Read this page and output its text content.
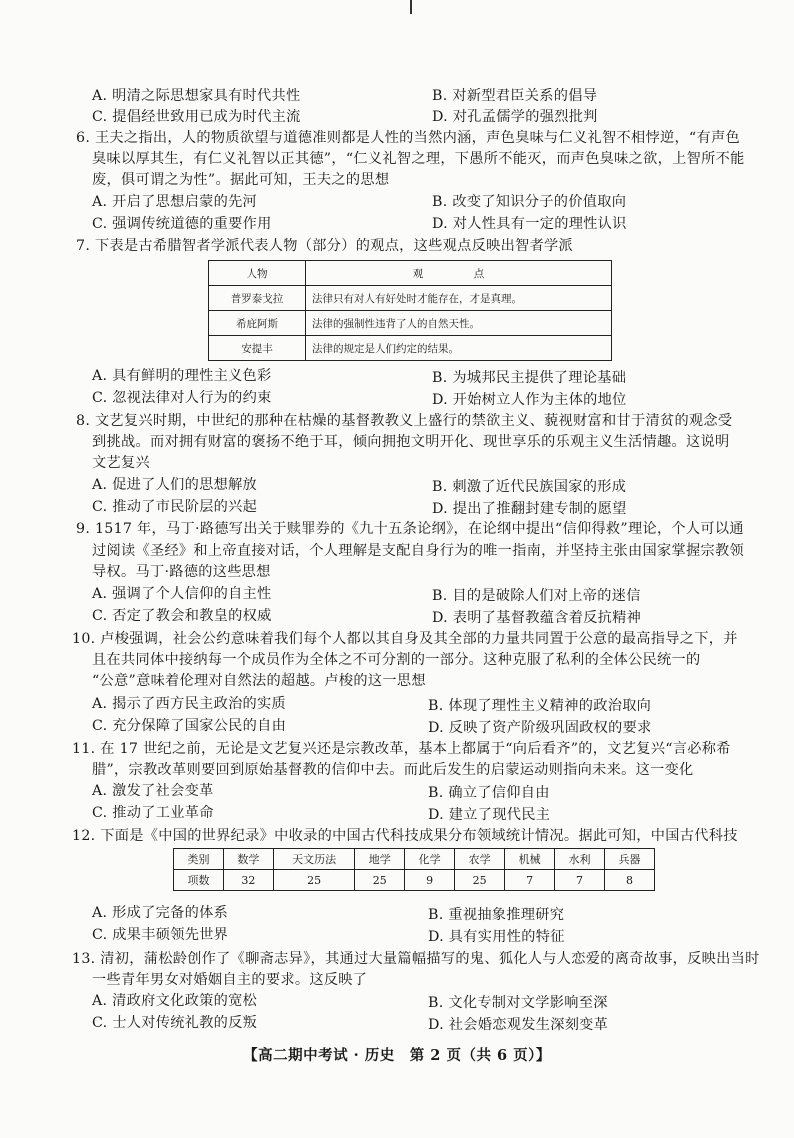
A. 明清之际思想家具有时代共性	B. 对新型君臣关系的倡导
C. 提倡经世致用已成为时代主流	D. 对孔孟儒学的强烈批判
6. 王夫之指出，人的物质欲望与道德准则都是人性的当然内涵，声色臭味与仁义礼智不相悖逆，“有声色
臭味以厚其生，有仁义礼智以正其德”，“仁义礼智之理，下愚所不能灭，而声色臭味之欲，上智所不能
废，俱可谓之为性”。据此可知，王夫之的思想
A. 开启了思想启蒙的先河	B. 改变了知识分子的价值取向
C. 强调传统道德的重要作用	D. 对人性具有一定的理性认识
7. 下表是古希腊智者学派代表人物（部分）的观点，这些观点反映出智者学派
人物	观　点
普罗泰戈拉	法律只有对人有好处时才能存在，才是真理。
希庇阿斯	法律的强制性违背了人的自然天性。
安提丰	法律的规定是人们约定的结果。
A. 具有鲜明的理性主义色彩	B. 为城邦民主提供了理论基础
C. 忽视法律对人行为的约束	D. 开始树立人作为主体的地位
8. 文艺复兴时期，中世纪的那种在枯燥的基督教教义上盛行的禁欲主义、藐视财富和甘于清贫的观念受
到挑战。而对拥有财富的褒扬不绝于耳，倾向拥抱文明开化、现世享乐的乐观主义生活情趣。这说明
文艺复兴
A. 促进了人们的思想解放	B. 刺激了近代民族国家的形成
C. 推动了市民阶层的兴起	D. 提出了推翻封建专制的愿望
9. 1517 年，马丁·路德写出关于赎罪券的《九十五条论纲》，在论纲中提出“信仰得救”理论，个人可以通
过阅读《圣经》和上帝直接对话，个人理解是支配自身行为的唯一指南，并坚持主张由国家掌握宗教领
导权。马丁·路德的这些思想
A. 强调了个人信仰的自主性	B. 目的是破除人们对上帝的迷信
C. 否定了教会和教皇的权威	D. 表明了基督教蕴含着反抗精神
10. 卢梭强调，社会公约意味着我们每个人都以其自身及其全部的力量共同置于公意的最高指导之下，并
且在共同体中接纳每一个成员作为全体之不可分割的一部分。这种克服了私利的全体公民统一的
“公意”意味着伦理对自然法的超越。卢梭的这一思想
A. 揭示了西方民主政治的实质	B. 体现了理性主义精神的政治取向
C. 充分保障了国家公民的自由	D. 反映了资产阶级巩固政权的要求
11. 在 17 世纪之前，无论是文艺复兴还是宗教改革，基本上都属于“向后看齐”的，文艺复兴“言必称希
腊”，宗教改革则要回到原始基督教的信仰中去。而此后发生的启蒙运动则指向未来。这一变化
A. 激发了社会变革	B. 确立了信仰自由
C. 推动了工业革命	D. 建立了现代民主
12. 下面是《中国的世界纪录》中收录的中国古代科技成果分布领域统计情况。据此可知，中国古代科技
类别	数学	天文历法	地学	化学	农学	机械	水利	兵器
项数	32	25	25	9	25	7	7	8
A. 形成了完备的体系	B. 重视抽象推理研究
C. 成果丰硕领先世界	D. 具有实用性的特征
13. 清初，蒲松龄创作了《聊斋志异》，其通过大量篇幅描写的鬼、狐化人与人恋爱的离奇故事，反映出当时
一些青年男女对婚姻自主的要求。这反映了
A. 清政府文化政策的宽松	B. 文化专制对文学影响至深
C. 士人对传统礼教的反叛	D. 社会婚恋观发生深刻变革
【高二期中考试 · 历史　第 2 页（共 6 页）】
